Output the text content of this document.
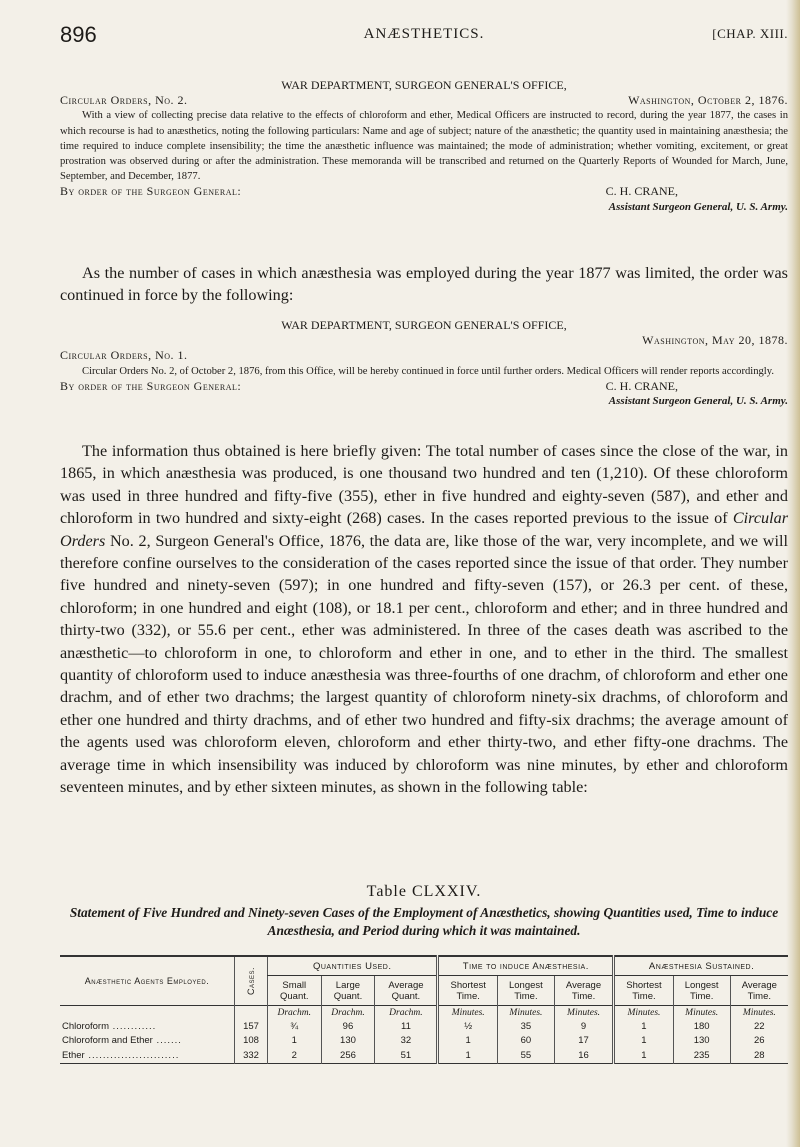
896	ANÆSTHETICS.	[CHAP. XIII.
WAR DEPARTMENT, SURGEON GENERAL'S OFFICE,
Circular Orders, No. 2.	Washington, October 2, 1876.
With a view of collecting precise data relative to the effects of chloroform and ether, Medical Officers are instructed to record, during the year 1877, the cases in which recourse is had to anæsthetics, noting the following particulars: Name and age of subject; nature of the anæsthetic; the quantity used in maintaining anæsthesia; the time required to induce complete insensibility; the time the anæsthetic influence was maintained; the mode of administration; whether vomiting, excitement, or great prostration was observed during or after the administration. These memoranda will be transcribed and returned on the Quarterly Reports of Wounded for March, June, September, and December, 1877.
By order of the Surgeon General:	C. H. CRANE,
Assistant Surgeon General, U. S. Army.
As the number of cases in which anæsthesia was employed during the year 1877 was limited, the order was continued in force by the following:
WAR DEPARTMENT, SURGEON GENERAL'S OFFICE,
Washington, May 20, 1878.
Circular Orders, No. 1.
Circular Orders No. 2, of October 2, 1876, from this Office, will be hereby continued in force until further orders. Medical Officers will render reports accordingly.
By order of the Surgeon General:	C. H. CRANE,
Assistant Surgeon General, U. S. Army.
The information thus obtained is here briefly given: The total number of cases since the close of the war, in 1865, in which anæsthesia was produced, is one thousand two hundred and ten (1,210). Of these chloroform was used in three hundred and fifty-five (355), ether in five hundred and eighty-seven (587), and ether and chloroform in two hundred and sixty-eight (268) cases. In the cases reported previous to the issue of Circular Orders No. 2, Surgeon General's Office, 1876, the data are, like those of the war, very incomplete, and we will therefore confine ourselves to the consideration of the cases reported since the issue of that order. They number five hundred and ninety-seven (597); in one hundred and fifty-seven (157), or 26.3 per cent. of these, chloroform; in one hundred and eight (108), or 18.1 per cent., chloroform and ether; and in three hundred and thirty-two (332), or 55.6 per cent., ether was administered. In three of the cases death was ascribed to the anæsthetic—to chloroform in one, to chloroform and ether in one, and to ether in the third. The smallest quantity of chloroform used to induce anæsthesia was three-fourths of one drachm, of chloroform and ether one drachm, and of ether two drachms; the largest quantity of chloroform ninety-six drachms, of chloroform and ether one hundred and thirty drachms, and of ether two hundred and fifty-six drachms; the average amount of the agents used was chloroform eleven, chloroform and ether thirty-two, and ether fifty-one drachms. The average time in which insensibility was induced by chloroform was nine minutes, by ether and chloroform seventeen minutes, and by ether sixteen minutes, as shown in the following table:
Table CLXXIV.
Statement of Five Hundred and Ninety-seven Cases of the Employment of Anæsthetics, showing Quantities used, Time to induce Anæsthesia, and Period during which it was maintained.
Anæsthetic Agents Employed.	Cases.	Quantities Used.			Time to induce Anæsthesia.			Anæsthesia Sustained.		
		Small Quant.	Large Quant.	Average Quant.	Shortest Time.	Longest Time.	Average Time.	Shortest Time.	Longest Time.	Average Time.
		Drachm.	Drachm.	Drachm.	Minutes.	Minutes.	Minutes.	Minutes.	Minutes.	Minutes.
Chloroform ............	157	¾	96	11	½	35	9	1	180	22
Chloroform and Ether .......	108	1	130	32	1	60	17	1	130	26
Ether .........................	332	2	256	51	1	55	16	1	235	28
